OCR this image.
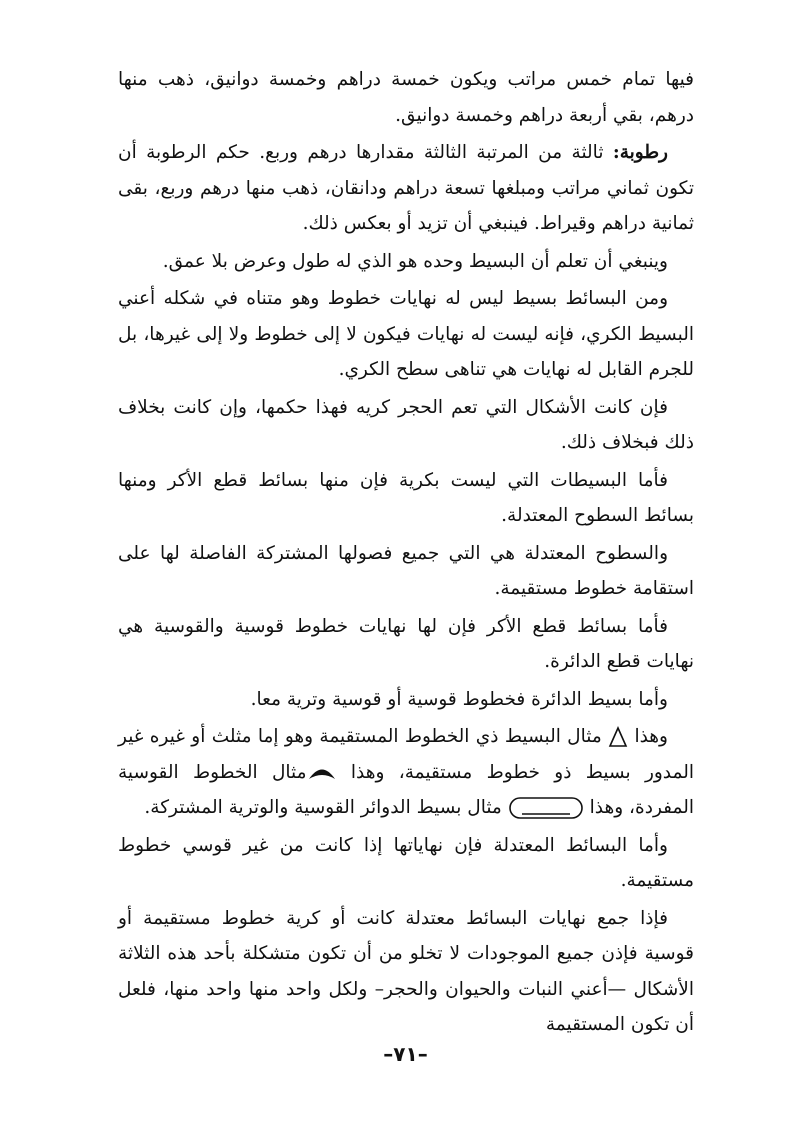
فيها تمام خمس مراتب ويكون خمسة دراهم وخمسة دوانيق، ذهب منها درهم، بقي أربعة دراهم وخمسة دوانيق.

رطوبة: ثالثة من المرتبة الثالثة مقدارها درهم وربع. حكم الرطوبة أن تكون ثماني مراتب ومبلغها تسعة دراهم ودانقان، ذهب منها درهم وربع، بقى ثمانية دراهم وقيراط. فينبغي أن تزيد أو بعكس ذلك.

وينبغي أن تعلم أن البسيط وحده هو الذي له طول وعرض بلا عمق.

ومن البسائط بسيط ليس له نهايات خطوط وهو متناه في شكله أعني البسيط الكري، فإنه ليست له نهايات فيكون لا إلى خطوط ولا إلى غيرها، بل للجرم القابل له نهايات هي تناهى سطح الكري.

فإن كانت الأشكال التي تعم الحجر كريه فهذا حكمها، وإن كانت بخلاف ذلك فبخلاف ذلك.

فأما البسيطات التي ليست بكرية فإن منها بسائط قطع الأكر ومنها بسائط السطوح المعتدلة.

والسطوح المعتدلة هي التي جميع فصولها المشتركة الفاصلة لها على استقامة خطوط مستقيمة.

فأما بسائط قطع الأكر فإن لها نهايات خطوط قوسية والقوسية هي نهايات قطع الدائرة.

وأما بسيط الدائرة فخطوط قوسية أو قوسية وترية معا.

وهذا  مثال البسيط ذي الخطوط المستقيمة وهو إما مثلث أو غيره غير المدور بسيط ذو خطوط مستقيمة، وهذا مثال الخطوط القوسية المفردة، وهذا  مثال بسيط الدوائر القوسية والوترية المشتركة.

وأما البسائط المعتدلة فإن نهاياتها إذا كانت من غير قوسي خطوط مستقيمة.

فإذا جمع نهايات البسائط معتدلة كانت أو كرية خطوط مستقيمة أو قوسية فإذن جميع الموجودات لا تخلو من أن تكون متشكلة بأحد هذه الثلاثة الأشكال —أعني النبات والحيوان والحجر– ولكل واحد منها واحد منها، فلعل أن تكون المستقيمة

–٧١–
